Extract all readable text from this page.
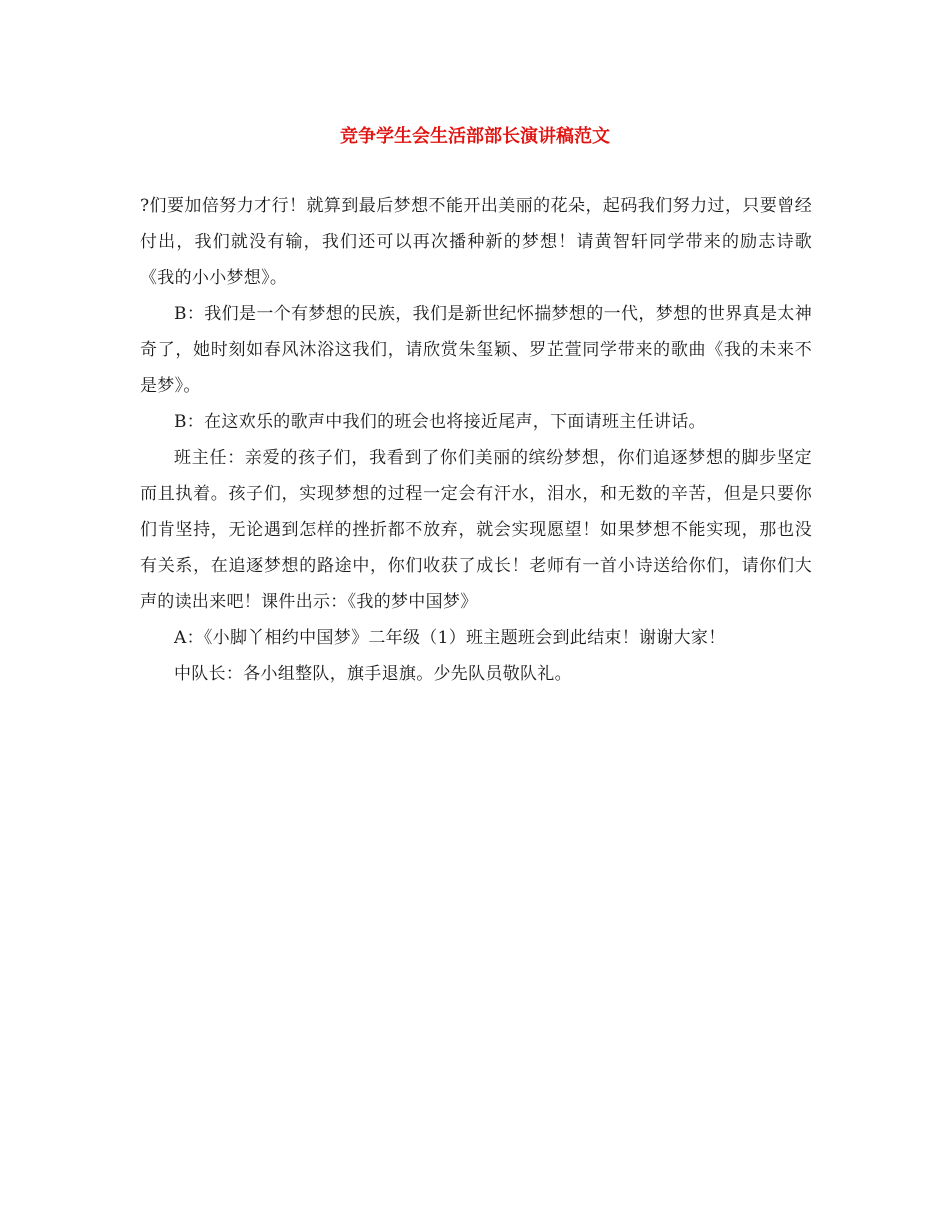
竞争学生会生活部部长演讲稿范文

?们要加倍努力才行！就算到最后梦想不能开出美丽的花朵，起码我们努力过，只要曾经付出，我们就没有输，我们还可以再次播种新的梦想！请黄智轩同学带来的励志诗歌《我的小小梦想》。

B：我们是一个有梦想的民族，我们是新世纪怀揣梦想的一代，梦想的世界真是太神奇了，她时刻如春风沐浴这我们，请欣赏朱玺颖、罗芷萱同学带来的歌曲《我的未来不是梦》。

B：在这欢乐的歌声中我们的班会也将接近尾声，下面请班主任讲话。

班主任：亲爱的孩子们，我看到了你们美丽的缤纷梦想，你们追逐梦想的脚步坚定而且执着。孩子们，实现梦想的过程一定会有汗水，泪水，和无数的辛苦，但是只要你们肯坚持，无论遇到怎样的挫折都不放弃，就会实现愿望！如果梦想不能实现，那也没有关系，在追逐梦想的路途中，你们收获了成长！老师有一首小诗送给你们，请你们大声的读出来吧！课件出示：《我的梦中国梦》

A：《小脚丫相约中国梦》二年级（1）班主题班会到此结束！谢谢大家！

中队长：各小组整队，旗手退旗。少先队员敬队礼。
